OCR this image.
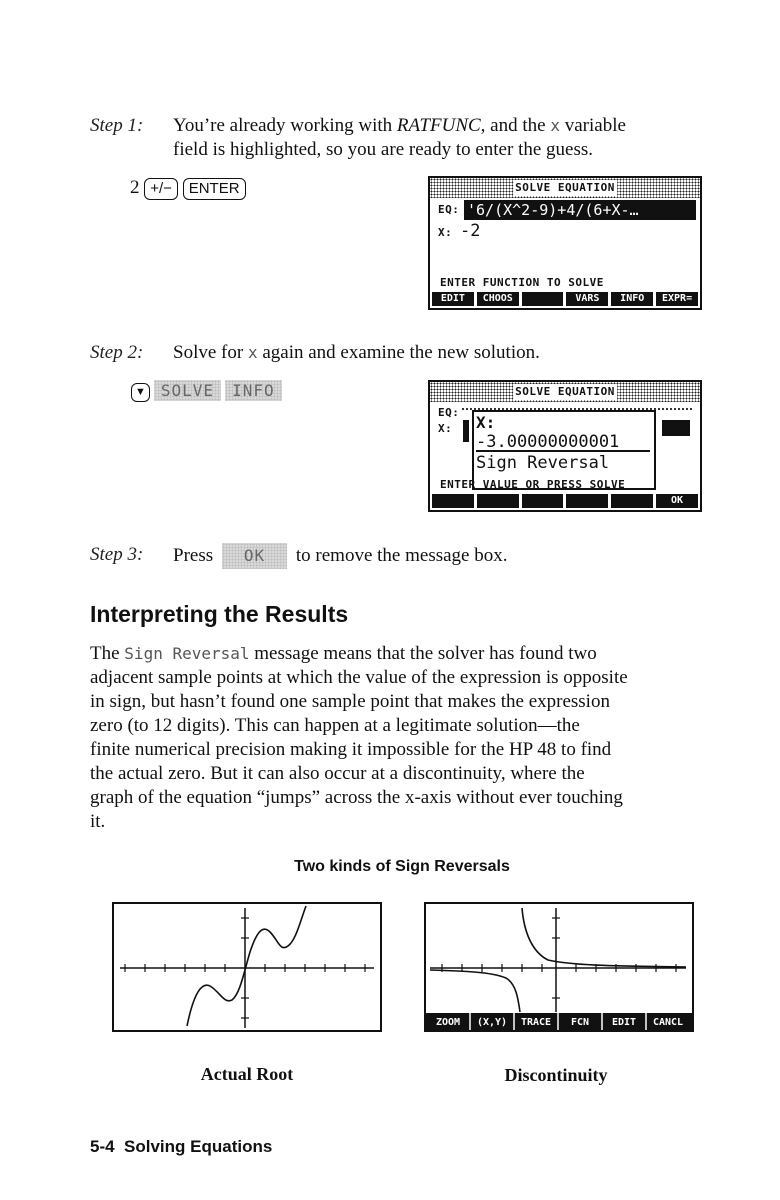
Step 1: You’re already working with RATFUNC, and the x variable
field is highlighted, so you are ready to enter the guess.
2 +/− ENTER	SOLVE EQUATION
EQ: '6/(X^2-9)+4/(6+X-…
X: -2
ENTER FUNCTION TO SOLVE
EDIT	CHOOS	VARS	INFO	EXPR=
Step 2: Solve for x again and examine the new solution.
▼ SOLVE INFO	SOLVE EQUATION
EQ:
X: X:
-3.00000000001
Sign Reversal
ENTER VALUE OR PRESS SOLVE
OK
Step 3: Press OK to remove the message box.
Interpreting the Results
The Sign Reversal message means that the solver has found two
adjacent sample points at which the value of the expression is opposite
in sign, but hasn’t found one sample point that makes the expression
zero (to 12 digits). This can happen at a legitimate solution—the
finite numerical precision making it impossible for the HP 48 to find
the actual zero. But it can also occur at a discontinuity, where the
graph of the equation “jumps” across the x-axis without ever touching
it.
Two kinds of Sign Reversals
ZOOM (X,Y) TRACE FCN EDIT CANCL
Actual Root	Discontinuity
5-4 Solving Equations
